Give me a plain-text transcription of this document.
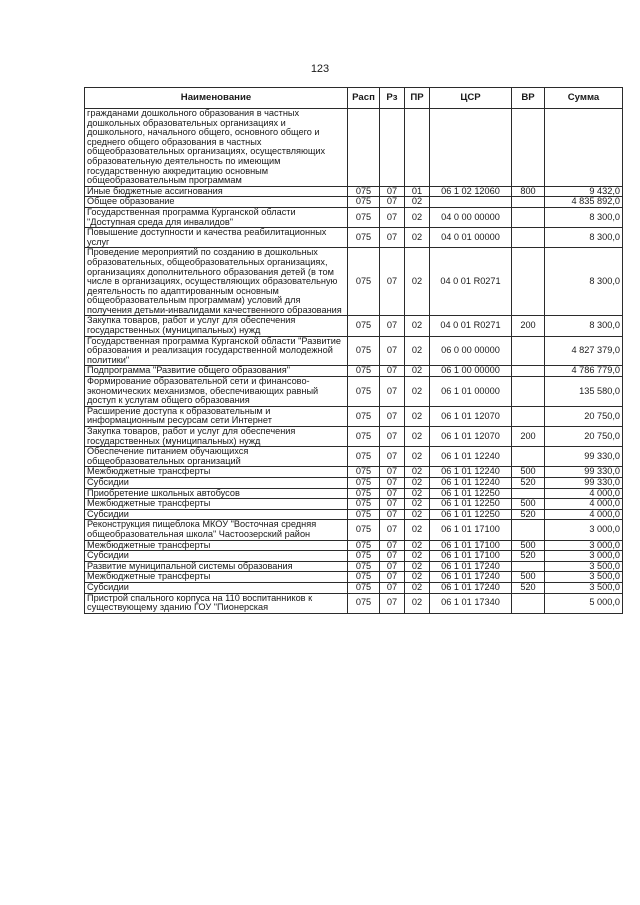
123
Наименование	Расп	Рз	ПР	ЦСР	ВР	Сумма
гражданами дошкольного образования в частных дошкольных образовательных организациях и дошкольного, начального общего, основного общего и среднего общего образования в частных общеобразовательных организациях, осуществляющих образовательную деятельность по имеющим государственную аккредитацию основным общеобразовательным программам						
Иные бюджетные ассигнования	075	07	01	06 1 02 12060	800	9 432,0
Общее образование	075	07	02			4 835 892,0
Государственная программа Курганской области "Доступная среда для инвалидов"	075	07	02	04 0 00 00000		8 300,0
Повышение доступности и качества реабилитационных услуг	075	07	02	04 0 01 00000		8 300,0
Проведение мероприятий по созданию в дошкольных образовательных, общеобразовательных организациях, организациях дополнительного образования детей (в том числе в организациях, осуществляющих образовательную деятельность по адаптированным основным общеобразовательным программам) условий для получения детьми-инвалидами качественного образования	075	07	02	04 0 01 R0271		8 300,0
Закупка товаров, работ и услуг для обеспечения государственных (муниципальных) нужд	075	07	02	04 0 01 R0271	200	8 300,0
Государственная программа Курганской области "Развитие образования и реализация государственной молодежной политики"	075	07	02	06 0 00 00000		4 827 379,0
Подпрограмма "Развитие общего образования"	075	07	02	06 1 00 00000		4 786 779,0
Формирование образовательной сети и финансово-экономических механизмов, обеспечивающих равный доступ к услугам общего образования	075	07	02	06 1 01 00000		135 580,0
Расширение доступа к образовательным и информационным ресурсам сети Интернет	075	07	02	06 1 01 12070		20 750,0
Закупка товаров, работ и услуг для обеспечения государственных (муниципальных) нужд	075	07	02	06 1 01 12070	200	20 750,0
Обеспечение питанием обучающихся общеобразовательных организаций	075	07	02	06 1 01 12240		99 330,0
Межбюджетные трансферты	075	07	02	06 1 01 12240	500	99 330,0
Субсидии	075	07	02	06 1 01 12240	520	99 330,0
Приобретение школьных автобусов	075	07	02	06 1 01 12250		4 000,0
Межбюджетные трансферты	075	07	02	06 1 01 12250	500	4 000,0
Субсидии	075	07	02	06 1 01 12250	520	4 000,0
Реконструкция пищеблока МКОУ "Восточная средняя общеобразовательная школа" Частоозерский район	075	07	02	06 1 01 17100		3 000,0
Межбюджетные трансферты	075	07	02	06 1 01 17100	500	3 000,0
Субсидии	075	07	02	06 1 01 17100	520	3 000,0
Развитие муниципальной системы образования	075	07	02	06 1 01 17240		3 500,0
Межбюджетные трансферты	075	07	02	06 1 01 17240	500	3 500,0
Субсидии	075	07	02	06 1 01 17240	520	3 500,0
Пристрой спального корпуса на 110 воспитанников к существующему зданию ГОУ "Пионерская	075	07	02	06 1 01 17340		5 000,0
